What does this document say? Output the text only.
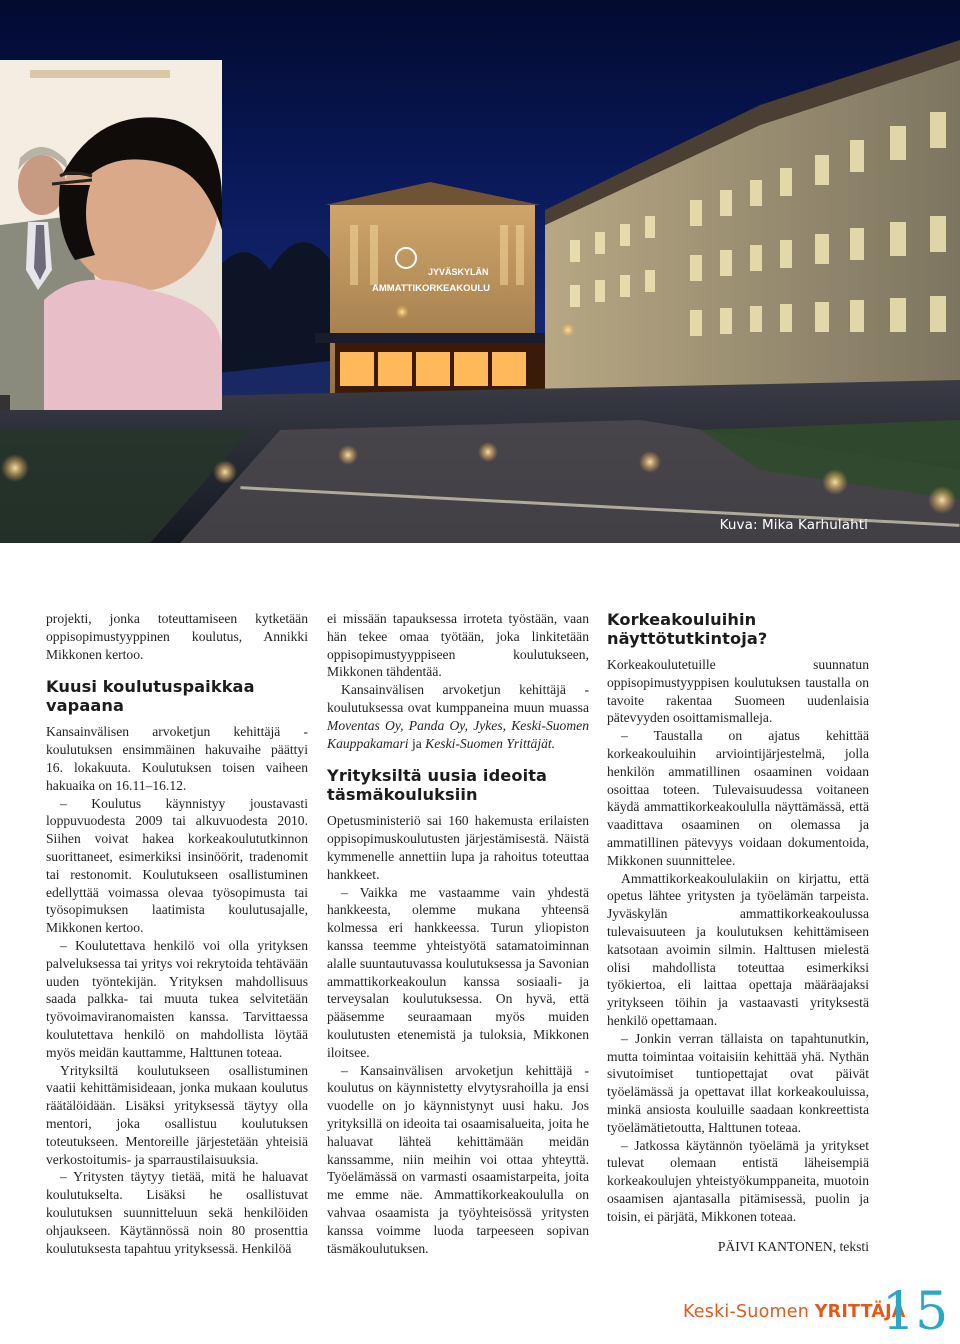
JYVÄSKYLÄN
AMMATTIKORKEAKOULU
Kuva: Mika Karhulahti

projekti, jonka toteuttamiseen kytketään oppisopimustyyppinen koulutus, Annikki Mikkonen kertoo.

Kuusi koulutuspaikkaa vapaana

Kansainvälisen arvoketjun kehittäjä -koulutuksen ensimmäinen hakuvaihe päättyi 16. lokakuuta. Koulutuksen toisen vaiheen hakuaika on 16.11–16.12.

– Koulutus käynnistyy joustavasti loppuvuodesta 2009 tai alkuvuodesta 2010. Siihen voivat hakea korkeakoulututkinnon suorittaneet, esimerkiksi insinöörit, tradenomit tai restonomit. Koulutukseen osallistuminen edellyttää voimassa olevaa työsopimusta tai työsopimuksen laatimista koulutusajalle, Mikkonen kertoo.

– Koulutettava henkilö voi olla yrityksen palveluksessa tai yritys voi rekrytoida tehtävään uuden työntekijän. Yrityksen mahdollisuus saada palkka- tai muuta tukea selvitetään työvoimaviranomaisten kanssa. Tarvittaessa koulutettava henkilö on mahdollista löytää myös meidän kauttamme, Halttunen toteaa.

Yrityksiltä koulutukseen osallistuminen vaatii kehittämisideaan, jonka mukaan koulutus räätälöidään. Lisäksi yrityksessä täytyy olla mentori, joka osallistuu koulutuksen toteutukseen. Mentoreille järjestetään yhteisiä verkostoitumis- ja sparraustilaisuuksia.

– Yritysten täytyy tietää, mitä he haluavat koulutukselta. Lisäksi he osallistuvat koulutuksen suunnitteluun sekä henkilöiden ohjaukseen. Käytännössä noin 80 prosenttia koulutuksesta tapahtuu yrityksessä. Henkilöä

ei missään tapauksessa irroteta työstään, vaan hän tekee omaa työtään, joka linkitetään oppisopimustyyppiseen koulutukseen, Mikkonen tähdentää.

Kansainvälisen arvoketjun kehittäjä -koulutuksessa ovat kumppaneina muun muassa Moventas Oy, Panda Oy, Jykes, Keski-Suomen Kauppakamari ja Keski-Suomen Yrittäjät.

Yrityksiltä uusia ideoita täsmäkouluksiin

Opetusministeriö sai 160 hakemusta erilaisten oppisopimuskoulutusten järjestämisestä. Näistä kymmenelle annettiin lupa ja rahoitus toteuttaa hankkeet.

– Vaikka me vastaamme vain yhdestä hankkeesta, olemme mukana yhteensä kolmessa eri hankkeessa. Turun yliopiston kanssa teemme yhteistyötä satamatoiminnan alalle suuntautuvassa koulutuksessa ja Savonian ammattikorkeakoulun kanssa sosiaali- ja terveysalan koulutuksessa. On hyvä, että pääsemme seuraamaan myös muiden koulutusten etenemistä ja tuloksia, Mikkonen iloitsee.

– Kansainvälisen arvoketjun kehittäjä -koulutus on käynnistetty elvytysrahoilla ja ensi vuodelle on jo käynnistynyt uusi haku. Jos yrityksillä on ideoita tai osaamisalueita, joita he haluavat lähteä kehittämään meidän kanssamme, niin meihin voi ottaa yhteyttä. Työelämässä on varmasti osaamistarpeita, joita me emme näe. Ammattikorkeakoululla on vahvaa osaamista ja työyhteisössä yritysten kanssa voimme luoda tarpeeseen sopivan täsmäkoulutuksen.

Korkeakouluihin näyttötutkintoja?

Korkeakoulutetuille suunnatun oppisopimustyyppisen koulutuksen taustalla on tavoite rakentaa Suomeen uudenlaisia pätevyyden osoittamismalleja.

– Taustalla on ajatus kehittää korkeakouluihin arviointijärjestelmä, jolla henkilön ammatillinen osaaminen voidaan osoittaa toteen. Tulevaisuudessa voitaneen käydä ammattikorkeakoululla näyttämässä, että vaadittava osaaminen on olemassa ja ammatillinen pätevyys voidaan dokumentoida, Mikkonen suunnittelee.

Ammattikorkeakoululakiin on kirjattu, että opetus lähtee yritysten ja työelämän tarpeista. Jyväskylän ammattikorkeakoulussa tulevaisuuteen ja koulutuksen kehittämiseen katsotaan avoimin silmin. Halttusen mielestä olisi mahdollista toteuttaa esimerkiksi työkiertoa, eli laittaa opettaja määräajaksi yritykseen töihin ja vastaavasti yrityksestä henkilö opettamaan.

– Jonkin verran tällaista on tapahtunutkin, mutta toimintaa voitaisiin kehittää yhä. Nythän sivutoimiset tuntiopettajat ovat päivät työelämässä ja opettavat illat korkeakouluissa, minkä ansiosta kouluille saadaan konkreettista työelämätietoutta, Halttunen toteaa.

– Jatkossa käytännön työelämä ja yritykset tulevat olemaan entistä läheisempiä korkeakoulujen yhteistyökumppaneita, muotoin osaamisen ajantasalla pitämisessä, puolin ja toisin, ei pärjätä, Mikkonen toteaa.

PÄIVI KANTONEN, teksti

Keski-Suomen YRITTÄJÄ
15
